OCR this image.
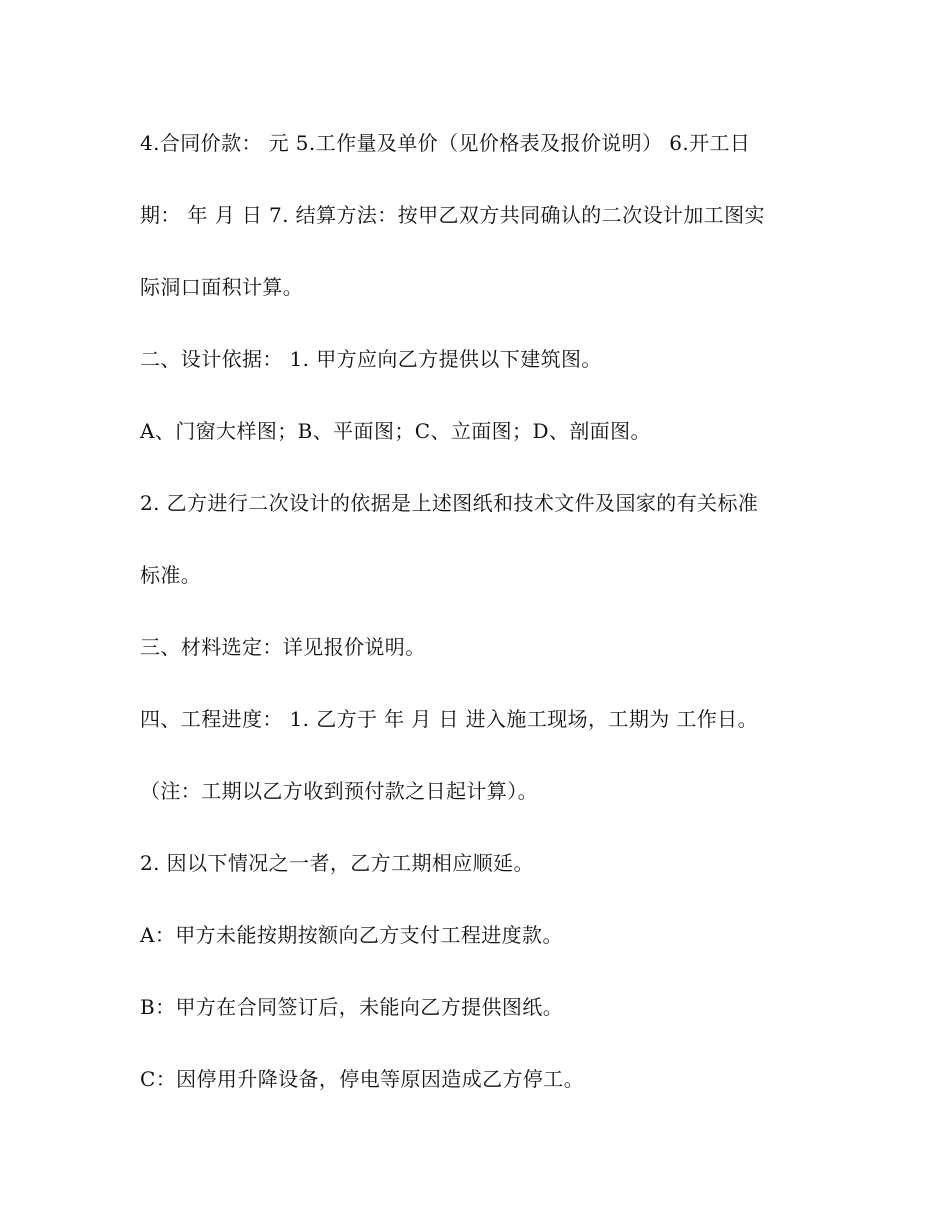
4.合同价款： 元 5.工作量及单价（见价格表及报价说明） 6.开工日
期： 年 月 日 7. 结算方法：按甲乙双方共同确认的二次设计加工图实
际洞口面积计算。
二、设计依据： 1. 甲方应向乙方提供以下建筑图。
A、门窗大样图；B、平面图；C、立面图；D、剖面图。
2. 乙方进行二次设计的依据是上述图纸和技术文件及国家的有关标准
标准。
三、材料选定：详见报价说明。
四、工程进度： 1. 乙方于 年 月 日 进入施工现场，工期为 工作日。
（注：工期以乙方收到预付款之日起计算）。
2. 因以下情况之一者，乙方工期相应顺延。
A：甲方未能按期按额向乙方支付工程进度款。
B：甲方在合同签订后，未能向乙方提供图纸。
C：因停用升降设备，停电等原因造成乙方停工。
